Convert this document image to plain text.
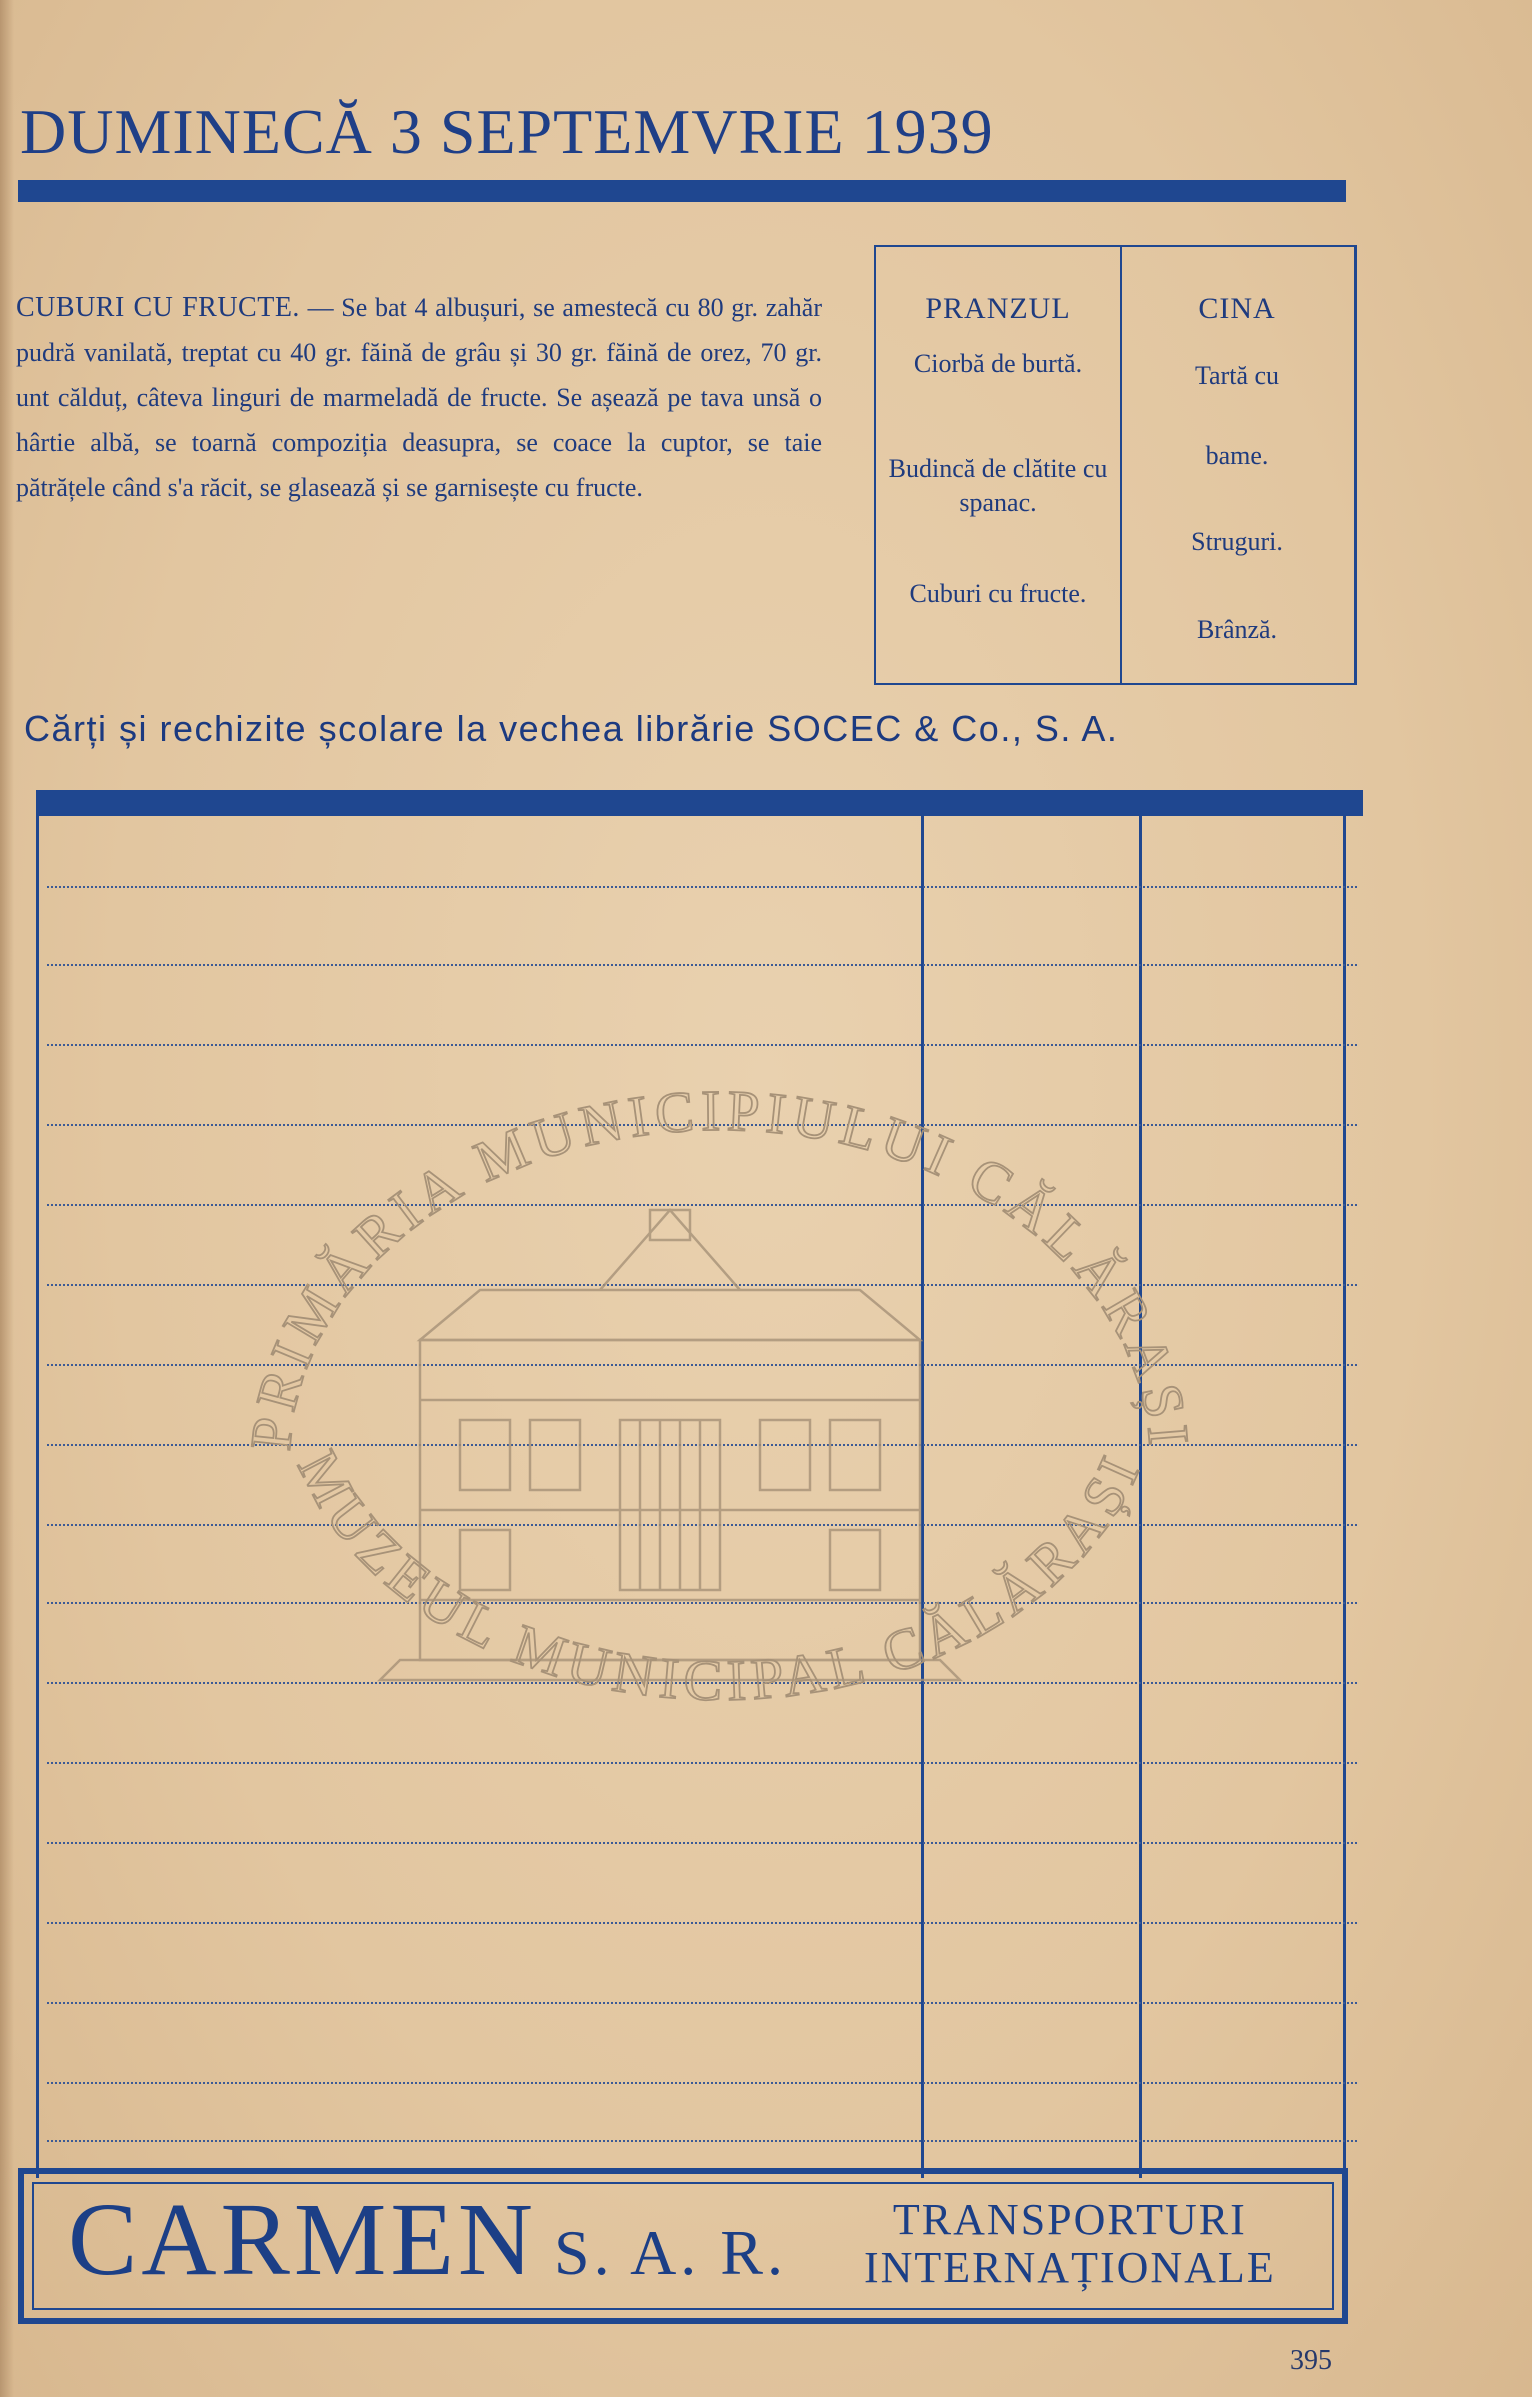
DUMINECĂ 3 SEPTEMVRIE 1939
CUBURI CU FRUCTE. — Se bat 4 albușuri, se amestecă cu 80 gr. zahăr pudră vanilată, treptat cu 40 gr. făină de grâu și 30 gr. făină de orez, 70 gr. unt călduț, câteva linguri de marmeladă de fructe. Se așează pe tava unsă o hârtie albă, se toarnă compoziția deasupra, se coace la cuptor, se taie pătrățele când s'a răcit, se glasează și se garnisește cu fructe.
PRANZUL
Ciorbă de burtă.
Budincă de clătite cu spanac.
Cuburi cu fructe.
CINA
Tartă cu
bame.
Struguri.
Brânză.
Cărți și rechizite școlare la vechea librărie SOCEC & Co., S. A.
PRIMĂRIA MUNICIPIULUI CĂLĂRAȘI
MUZEUL MUNICIPAL CĂLĂRAȘI
CARMEN S. A. R.	TRANSPORTURI
INTERNAȚIONALE
395
